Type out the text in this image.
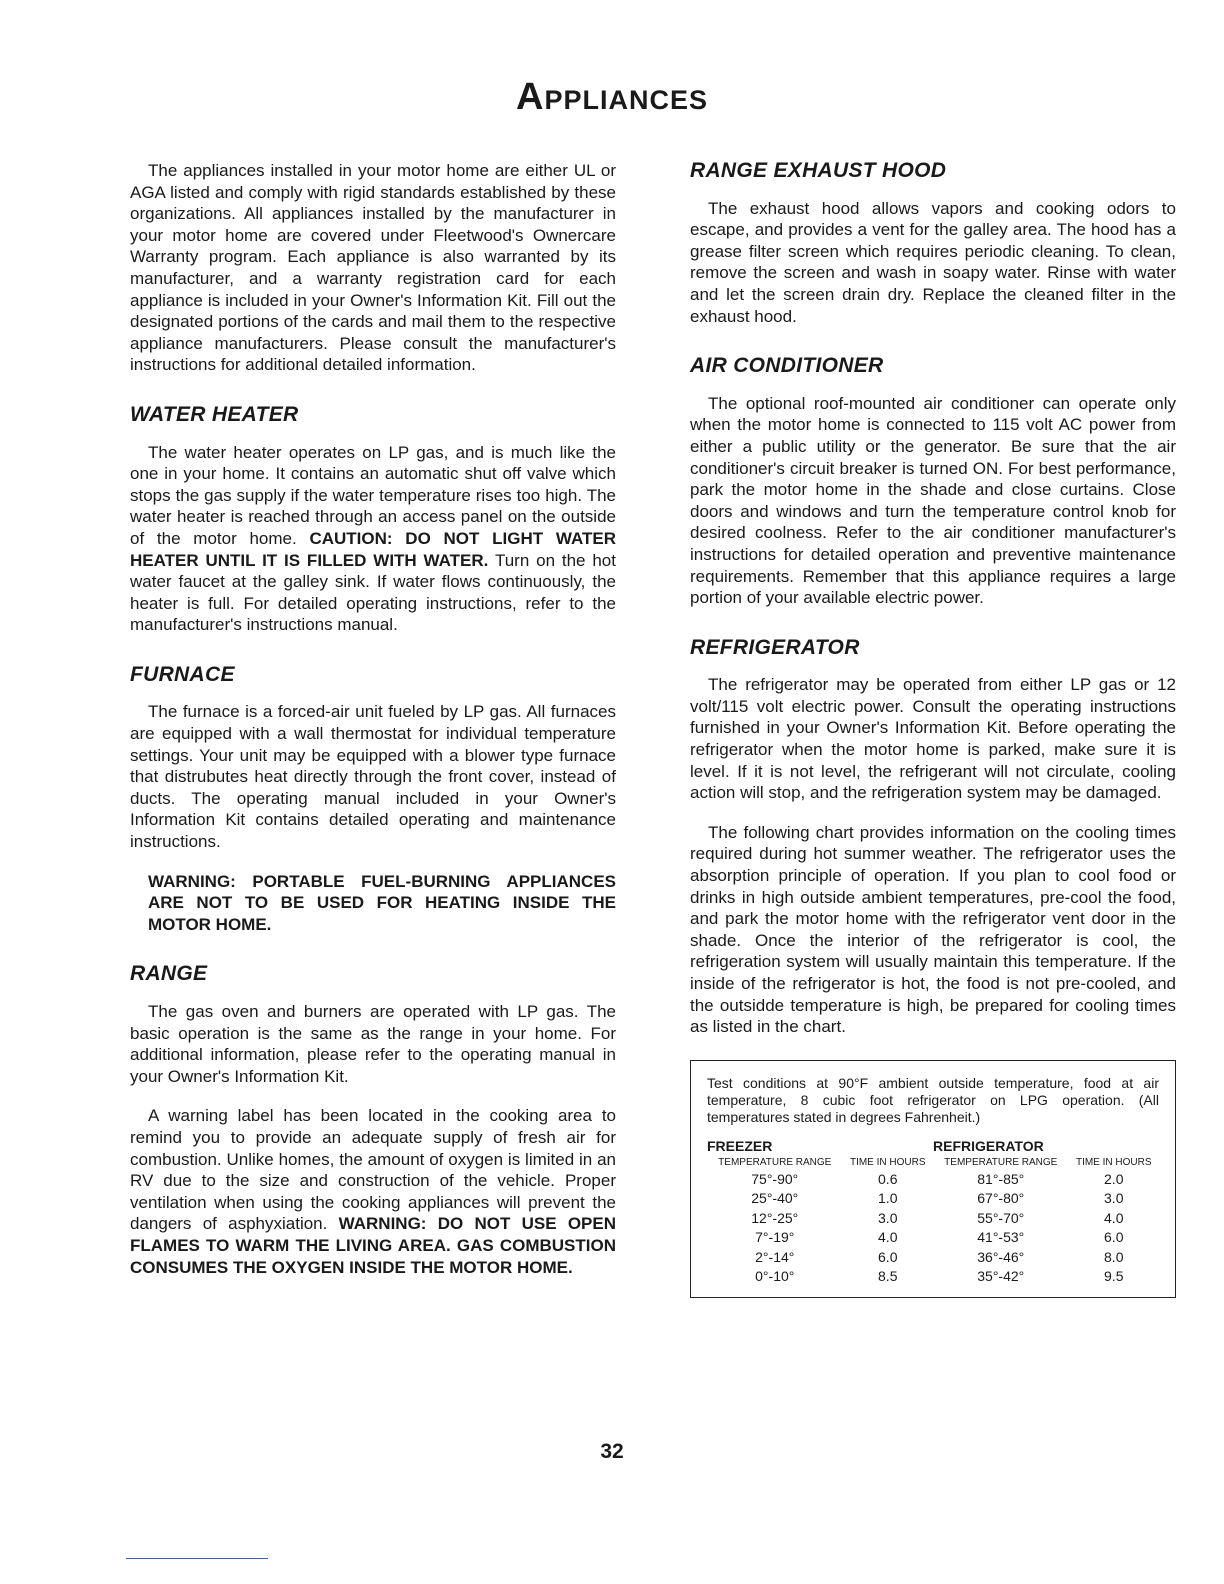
Appliances

The appliances installed in your motor home are either UL or AGA listed and comply with rigid standards established by these organizations. All appliances installed by the manufacturer in your motor home are covered under Fleetwood's Ownercare Warranty program. Each appliance is also warranted by its manufacturer, and a warranty registration card for each appliance is included in your Owner's Information Kit. Fill out the designated portions of the cards and mail them to the respective appliance manufacturers. Please consult the manufacturer's instructions for additional detailed information.

WATER HEATER

The water heater operates on LP gas, and is much like the one in your home. It contains an automatic shut off valve which stops the gas supply if the water temperature rises too high. The water heater is reached through an access panel on the outside of the motor home. CAUTION: DO NOT LIGHT WATER HEATER UNTIL IT IS FILLED WITH WATER. Turn on the hot water faucet at the galley sink. If water flows continuously, the heater is full. For detailed operating instructions, refer to the manufacturer's instructions manual.

FURNACE

The furnace is a forced-air unit fueled by LP gas. All furnaces are equipped with a wall thermostat for individual temperature settings. Your unit may be equipped with a blower type furnace that distrubutes heat directly through the front cover, instead of ducts. The operating manual included in your Owner's Information Kit contains detailed operating and maintenance instructions.

WARNING: PORTABLE FUEL-BURNING APPLIANCES ARE NOT TO BE USED FOR HEATING INSIDE THE MOTOR HOME.

RANGE

The gas oven and burners are operated with LP gas. The basic operation is the same as the range in your home. For additional information, please refer to the operating manual in your Owner's Information Kit.

A warning label has been located in the cooking area to remind you to provide an adequate supply of fresh air for combustion. Unlike homes, the amount of oxygen is limited in an RV due to the size and construction of the vehicle. Proper ventilation when using the cooking appliances will prevent the dangers of asphyxiation. WARNING: DO NOT USE OPEN FLAMES TO WARM THE LIVING AREA. GAS COMBUSTION CONSUMES THE OXYGEN INSIDE THE MOTOR HOME.

RANGE EXHAUST HOOD

The exhaust hood allows vapors and cooking odors to escape, and provides a vent for the galley area. The hood has a grease filter screen which requires periodic cleaning. To clean, remove the screen and wash in soapy water. Rinse with water and let the screen drain dry. Replace the cleaned filter in the exhaust hood.

AIR CONDITIONER

The optional roof-mounted air conditioner can operate only when the motor home is connected to 115 volt AC power from either a public utility or the generator. Be sure that the air conditioner's circuit breaker is turned ON. For best performance, park the motor home in the shade and close curtains. Close doors and windows and turn the temperature control knob for desired coolness. Refer to the air conditioner manufacturer's instructions for detailed operation and preventive maintenance requirements. Remember that this appliance requires a large portion of your available electric power.

REFRIGERATOR

The refrigerator may be operated from either LP gas or 12 volt/115 volt electric power. Consult the operating instructions furnished in your Owner's Information Kit. Before operating the refrigerator when the motor home is parked, make sure it is level. If it is not level, the refrigerant will not circulate, cooling action will stop, and the refrigeration system may be damaged.

The following chart provides information on the cooling times required during hot summer weather. The refrigerator uses the absorption principle of operation. If you plan to cool food or drinks in high outside ambient temperatures, pre-cool the food, and park the motor home with the refrigerator vent door in the shade. Once the interior of the refrigerator is cool, the refrigeration system will usually maintain this temperature. If the inside of the refrigerator is hot, the food is not pre-cooled, and the outsidde temperature is high, be prepared for cooling times as listed in the chart.

Test conditions at 90°F ambient outside temperature, food at air temperature, 8 cubic foot refrigerator on LPG operation. (All temperatures stated in degrees Fahrenheit.)
FREEZER
TEMPERATURE RANGE	TIME IN HOURS
75°-90°	0.6
25°-40°	1.0
12°-25°	3.0
7°-19°	4.0
2°-14°	6.0
0°-10°	8.5
REFRIGERATOR
TEMPERATURE RANGE	TIME IN HOURS
81°-85°	2.0
67°-80°	3.0
55°-70°	4.0
41°-53°	6.0
36°-46°	8.0
35°-42°	9.5
32
